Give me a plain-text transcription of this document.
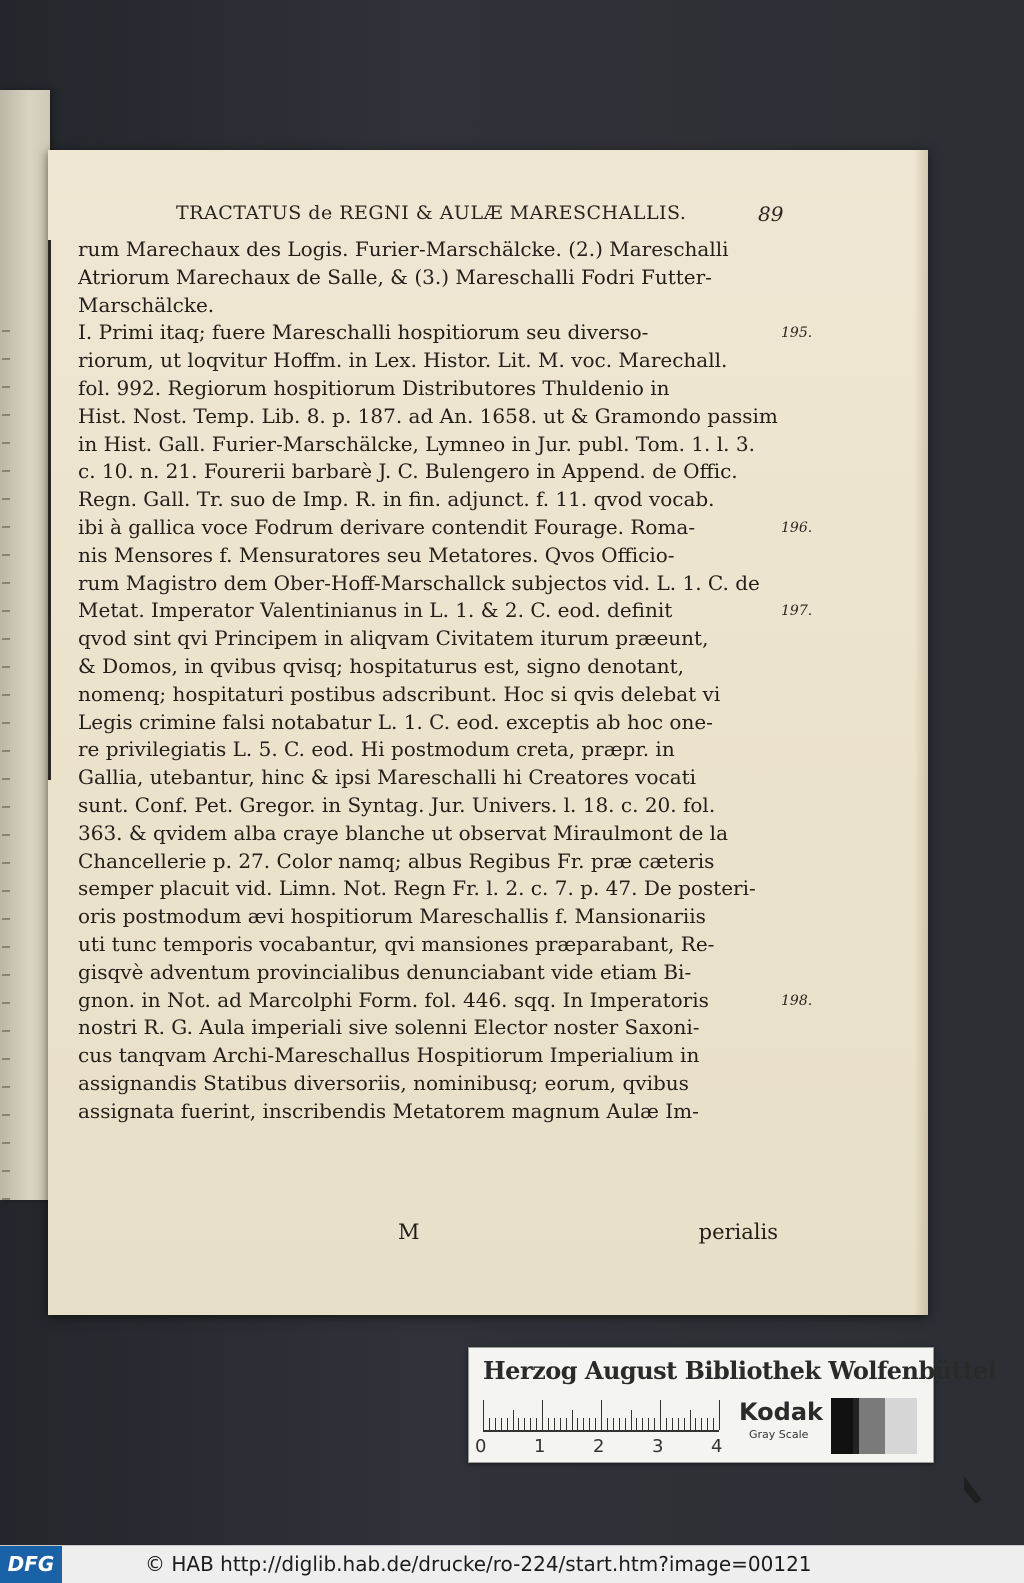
TRACTATUS de REGNI & AULÆ MARESCHALLIS.	89
rum Marechaux des Logis. Furier-Marschälcke. (2.) Mareschalli
Atriorum Marechaux de Salle, & (3.) Mareschalli Fodri Futter-
Marschälcke.
I. Primi itaq; fuere Mareschalli hospitiorum seu diverso-
riorum, ut loqvitur Hoffm. in Lex. Histor. Lit. M. voc. Marechall.
fol. 992. Regiorum hospitiorum Distributores Thuldenio in
Hist. Nost. Temp. Lib. 8. p. 187. ad An. 1658. ut & Gramondo passim
in Hist. Gall. Furier-Marschälcke, Lymneo in Jur. publ. Tom. 1. l. 3.
c. 10. n. 21. Fourerii barbarè J. C. Bulengero in Append. de Offic.
Regn. Gall. Tr. suo de Imp. R. in fin. adjunct. f. 11. qvod vocab.
ibi à gallica voce Fodrum derivare contendit Fourage. Roma-
nis Mensores f. Mensuratores seu Metatores. Qvos Officio-
rum Magistro dem Ober-Hoff-Marschallck subjectos vid. L. 1. C. de
Metat. Imperator Valentinianus in L. 1. & 2. C. eod. definit
qvod sint qvi Principem in aliqvam Civitatem iturum præeunt,
& Domos, in qvibus qvisq; hospitaturus est, signo denotant,
nomenq; hospitaturi postibus adscribunt. Hoc si qvis delebat vi
Legis crimine falsi notabatur L. 1. C. eod. exceptis ab hoc one-
re privilegiatis L. 5. C. eod. Hi postmodum creta, præpr. in
Gallia, utebantur, hinc & ipsi Mareschalli hi Creatores vocati
sunt. Conf. Pet. Gregor. in Syntag. Jur. Univers. l. 18. c. 20. fol.
363. & qvidem alba craye blanche ut observat Miraulmont de la
Chancellerie p. 27. Color namq; albus Regibus Fr. præ cæteris
semper placuit vid. Limn. Not. Regn Fr. l. 2. c. 7. p. 47. De posteri-
oris postmodum ævi hospitiorum Mareschallis f. Mansionariis
uti tunc temporis vocabantur, qvi mansiones præparabant, Re-
gisqvè adventum provincialibus denunciabant vide etiam Bi-
gnon. in Not. ad Marcolphi Form. fol. 446. sqq. In Imperatoris
nostri R. G. Aula imperiali sive solenni Elector noster Saxoni-
cus tanqvam Archi-Mareschallus Hospitiorum Imperialium in
assignandis Statibus diversoriis, nominibusq; eorum, qvibus
assignata fuerint, inscribendis Metatorem magnum Aulæ Im-
195.
196.
197.
198.
M	perialis
Herzog August Bibliothek Wolfenbüttel
0	1	2	3	4
Kodak
Gray Scale
DFG	© HAB http://diglib.hab.de/drucke/ro-224/start.htm?image=00121
